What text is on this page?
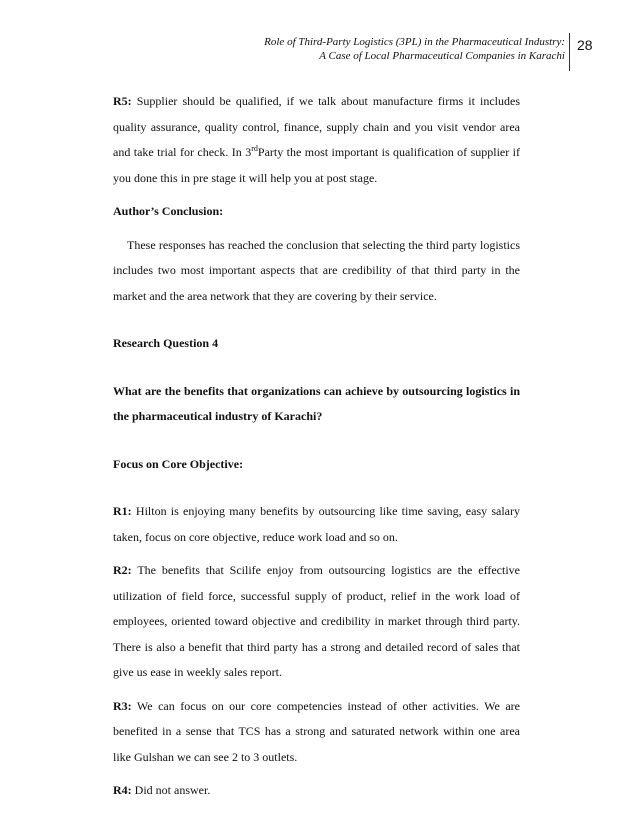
Role of Third-Party Logistics (3PL) in the Pharmaceutical Industry:
A Case of Local Pharmaceutical Companies in Karachi
28

R5: Supplier should be qualified, if we talk about manufacture firms it includes quality assurance, quality control, finance, supply chain and you visit vendor area and take trial for check. In 3rdParty the most important is qualification of supplier if you done this in pre stage it will help you at post stage.

Author’s Conclusion:

These responses has reached the conclusion that selecting the third party logistics includes two most important aspects that are credibility of that third party in the market and the area network that they are covering by their service.

Research Question 4

What are the benefits that organizations can achieve by outsourcing logistics in the pharmaceutical industry of Karachi?

Focus on Core Objective:

R1: Hilton is enjoying many benefits by outsourcing like time saving, easy salary taken, focus on core objective, reduce work load and so on.

R2: The benefits that Scilife enjoy from outsourcing logistics are the effective utilization of field force, successful supply of product, relief in the work load of employees, oriented toward objective and credibility in market through third party. There is also a benefit that third party has a strong and detailed record of sales that give us ease in weekly sales report.

R3: We can focus on our core competencies instead of other activities. We are benefited in a sense that TCS has a strong and saturated network within one area like Gulshan we can see 2 to 3 outlets.

R4: Did not answer.
